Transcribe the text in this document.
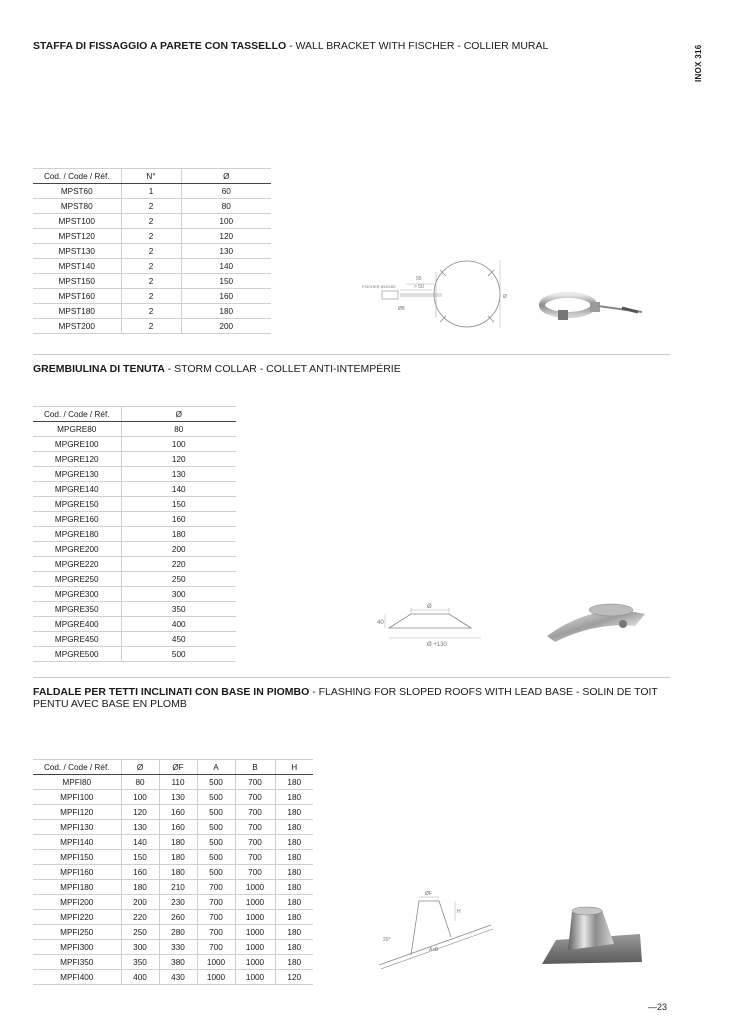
INOX 316
STAFFA DI FISSAGGIO A PARETE CON TASSELLO - WALL BRACKET WITH FISCHER - COLLIER MURAL
Cod. / Code / Réf.	N°	Ø
MPST60	1	60
MPST80	2	80
MPST100	2	100
MPST120	2	120
MPST130	2	130
MPST140	2	140
MPST150	2	150
MPST160	2	160
MPST180	2	180
MPST200	2	200
FISCHER Ø10X60
95
> 50
Ø8
Ø
GREMBIULINA DI TENUTA - STORM COLLAR - COLLET ANTI-INTEMPÉRIE
Cod. / Code / Réf.	Ø
MPGRE80	80
MPGRE100	100
MPGRE120	120
MPGRE130	130
MPGRE140	140
MPGRE150	150
MPGRE160	160
MPGRE180	180
MPGRE200	200
MPGRE220	220
MPGRE250	250
MPGRE300	300
MPGRE350	350
MPGRE400	400
MPGRE450	450
MPGRE500	500
Ø
40
Ø +130
FALDALE PER TETTI INCLINATI CON BASE IN PIOMBO - FLASHING FOR SLOPED ROOFS WITH LEAD BASE - SOLIN DE TOIT PENTU AVEC BASE EN PLOMB
Cod. / Code / Réf.	Ø	ØF	A	B	H
MPFI80	80	110	500	700	180
MPFI100	100	130	500	700	180
MPFI120	120	160	500	700	180
MPFI130	130	160	500	700	180
MPFI140	140	180	500	700	180
MPFI150	150	180	500	700	180
MPFI160	160	180	500	700	180
MPFI180	180	210	700	1000	180
MPFI200	200	230	700	1000	180
MPFI220	220	260	700	1000	180
MPFI250	250	280	700	1000	180
MPFI300	300	330	700	1000	180
MPFI350	350	380	1000	1000	180
MPFI400	400	430	1000	1000	120
ØF
H
20°
AxB
—23
